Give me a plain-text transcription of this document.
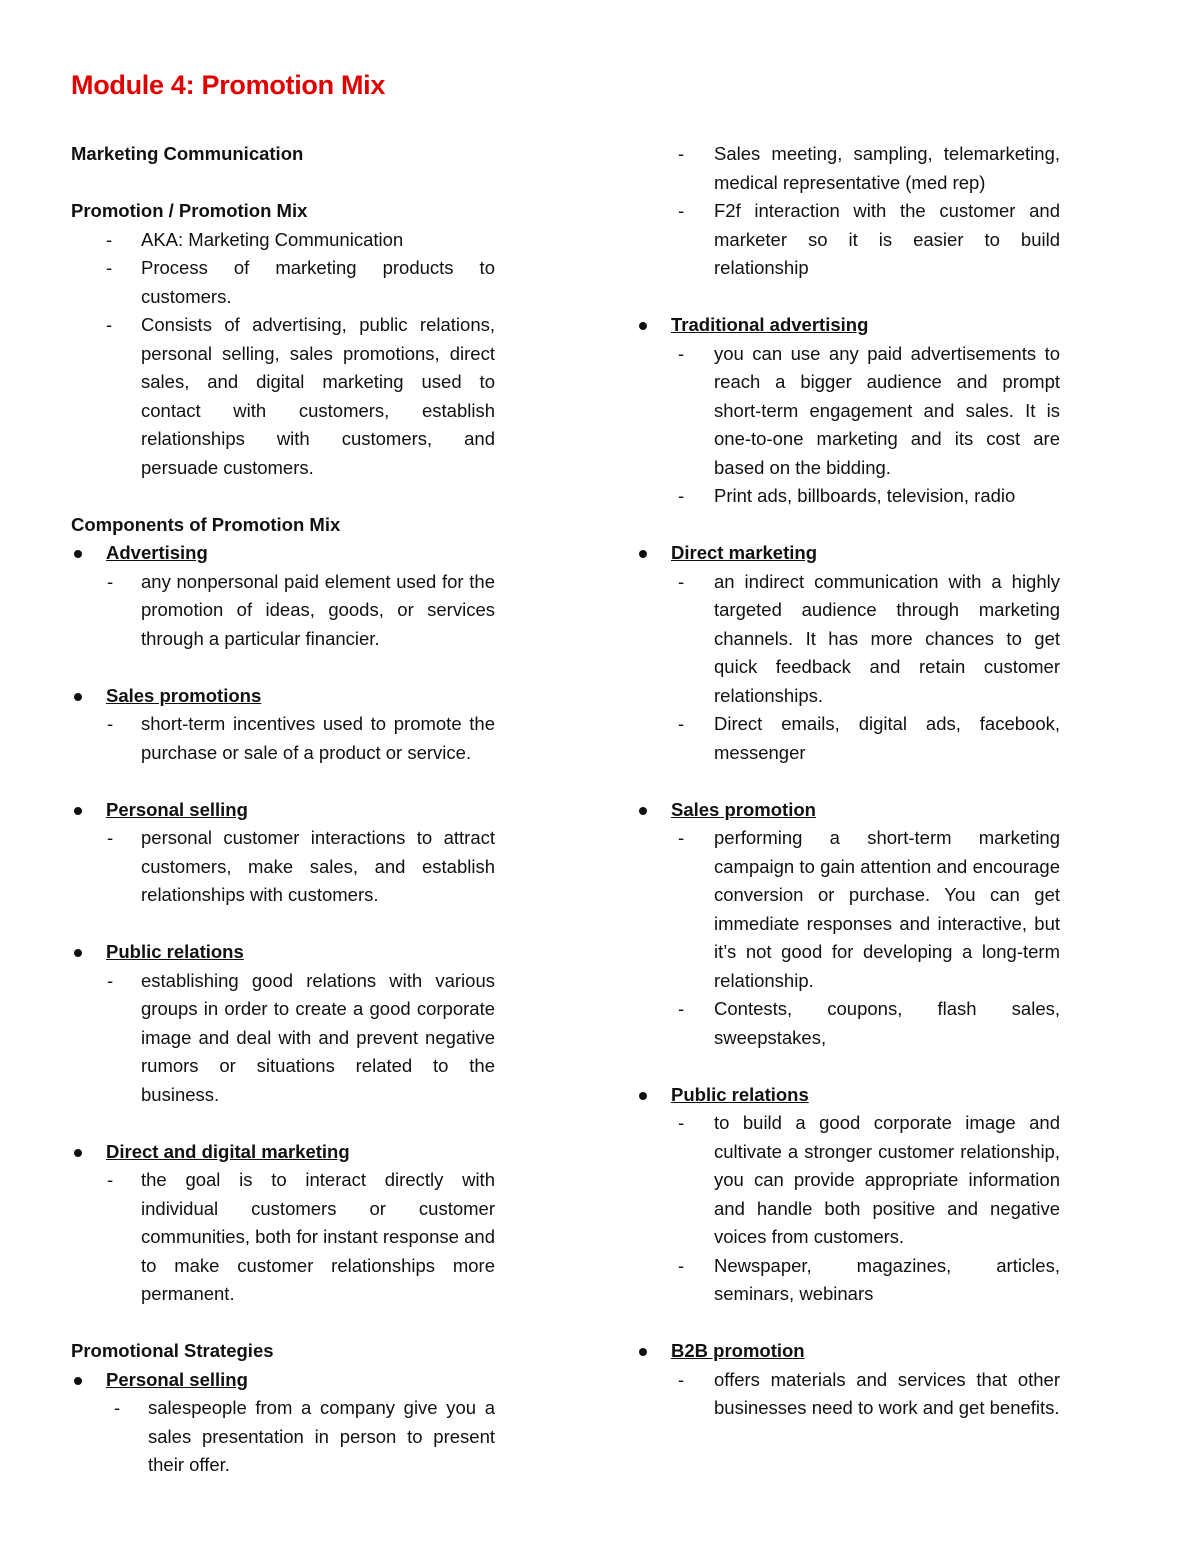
Module 4: Promotion Mix

Marketing Communication

Promotion / Promotion Mix

- AKA: Marketing Communication
- Process of marketing products to customers.
- Consists of advertising, public relations, personal selling, sales promotions, direct sales, and digital marketing used to contact with customers, establish relationships with customers, and persuade customers.

Components of Promotion Mix

Advertising

- any nonpersonal paid element used for the promotion of ideas, goods, or services through a particular financier.

Sales promotions

- short-term incentives used to promote the purchase or sale of a product or service.

Personal selling

- personal customer interactions to attract customers, make sales, and establish relationships with customers.

Public relations

- establishing good relations with various groups in order to create a good corporate image and deal with and prevent negative rumors or situations related to the business.

Direct and digital marketing

- the goal is to interact directly with individual customers or customer communities, both for instant response and to make customer relationships more permanent.

Promotional Strategies

Personal selling

- salespeople from a company give you a sales presentation in person to present their offer.
- Sales meeting, sampling, telemarketing, medical representative (med rep)
- F2f interaction with the customer and marketer so it is easier to build relationship

Traditional advertising

- you can use any paid advertisements to reach a bigger audience and prompt short-term engagement and sales. It is one-to-one marketing and its cost are based on the bidding.
- Print ads, billboards, television, radio

Direct marketing

- an indirect communication with a highly targeted audience through marketing channels. It has more chances to get quick feedback and retain customer relationships.
- Direct emails, digital ads, facebook, messenger

Sales promotion

- performing a short-term marketing campaign to gain attention and encourage conversion or purchase. You can get immediate responses and interactive, but it’s not good for developing a long-term relationship.
- Contests, coupons, flash sales, sweepstakes,

Public relations

- to build a good corporate image and cultivate a stronger customer relationship, you can provide appropriate information and handle both positive and negative voices from customers.
- Newspaper, magazines, articles, seminars, webinars

B2B promotion

- offers materials and services that other businesses need to work and get benefits.
